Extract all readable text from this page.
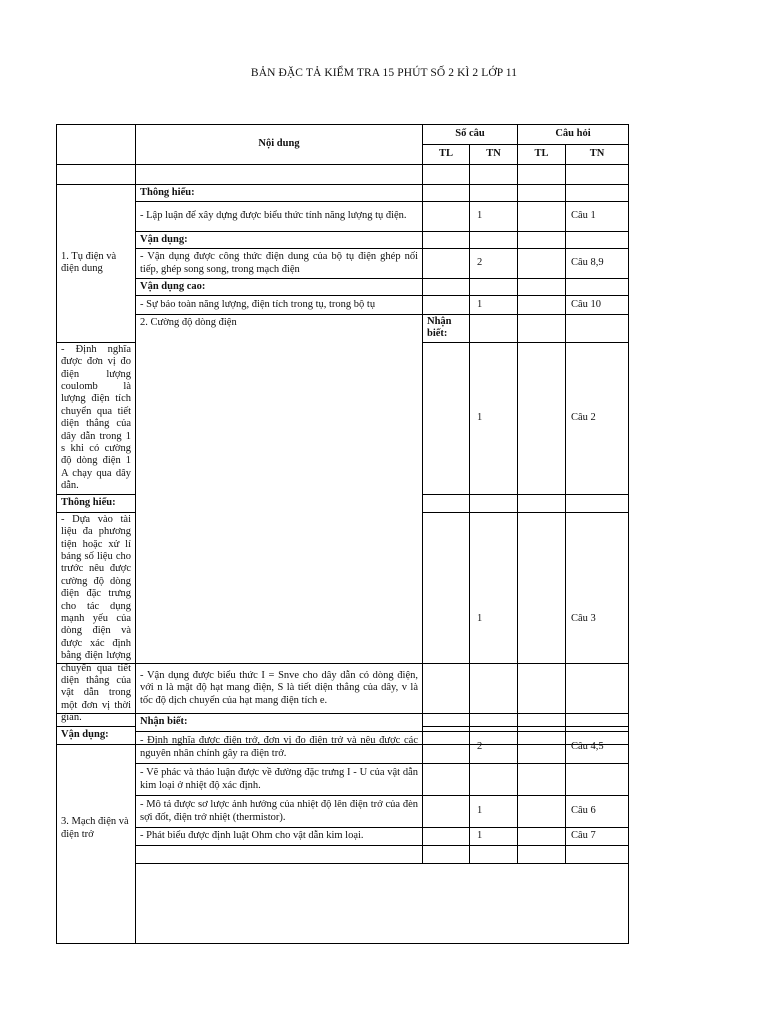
BẢN ĐẶC TẢ KIỂM TRA 15 PHÚT SỐ 2 KÌ 2 LỚP 11
	Nội dung	Số câu		Câu hỏi		
		TL	TN	TL	TN	

1. Tụ điện và điện dung	Thông hiểu:					
	- Lập luận để xây dựng được biểu thức tính năng lượng tụ điện.		1		Câu 1	
	Vận dụng:					
	- Vận dụng được công thức điện dung của bộ tụ điện ghép nối tiếp, ghép song song, trong mạch điện		2		Câu 8,9	
	Vận dụng cao:					
	- Sự bảo toàn năng lượng, điện tích trong tụ, trong bộ tụ		1		Câu 10	
	2. Cường độ dòng điện	Nhận biết:				
- Định nghĩa được đơn vị đo điện lượng coulomb là lượng điện tích chuyển qua tiết diện thẳng của dây dẫn trong 1 s khi có cường độ dòng điện 1 A chạy qua dây dẫn.			1		Câu 2	
Thông hiểu:						
- Dựa vào tài liệu đa phương tiện hoặc xử lí bảng số liệu cho trước nêu được cường độ dòng điện đặc trưng cho tác dụng mạnh yếu của dòng điện và được xác định bằng điện lượng chuyển qua tiết diện thẳng của vật dẫn trong một đơn vị thời gian.			1		Câu 3	
Vận dụng:						
	- Vận dụng được biểu thức I = Snve cho dây dẫn có dòng điện, với n là mật độ hạt mang điện, S là tiết diện thẳng của dây, v là tốc độ dịch chuyển của hạt mang điện tích e.				
3. Mạch điện và điện trở	Nhận biết:				
	- Định nghĩa được điện trở, đơn vị đo điện trở và nêu được các nguyên nhân chính gây ra điện trở.		2		Câu 4,5
	- Vẽ phác và thảo luận được về đường đặc trưng I - U của vật dẫn kim loại ở nhiệt độ xác định.				
	- Mô tả được sơ lược ảnh hưởng của nhiệt độ lên điện trở của đèn sợi đốt, điện trở nhiệt (thermistor).		1		Câu 6
	- Phát biểu được định luật Ohm cho vật dẫn kim loại.		1		Câu 7
